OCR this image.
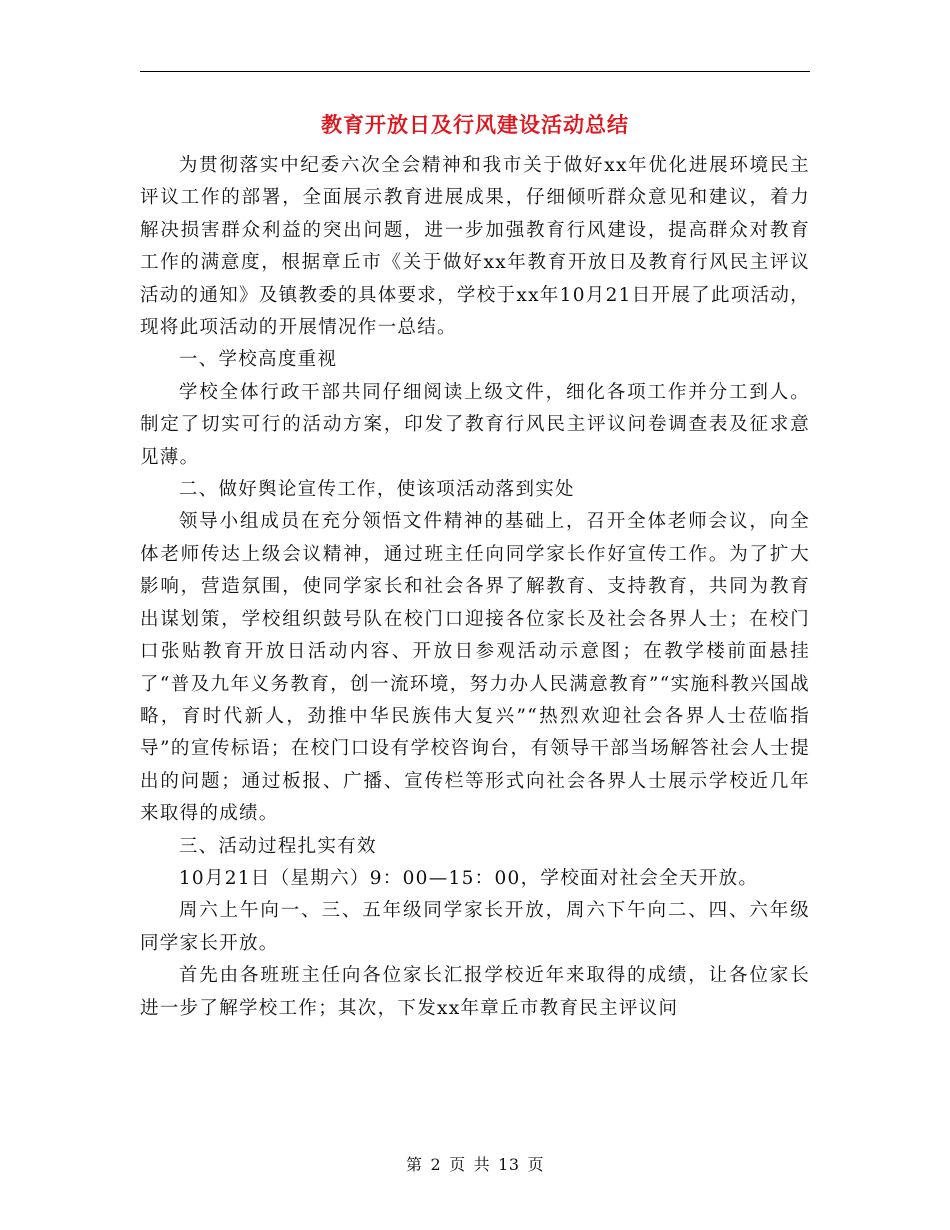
教育开放日及行风建设活动总结

为贯彻落实中纪委六次全会精神和我市关于做好xx年优化进展环境民主评议工作的部署，全面展示教育进展成果，仔细倾听群众意见和建议，着力解决损害群众利益的突出问题，进一步加强教育行风建设，提高群众对教育工作的满意度，根据章丘市《关于做好xx年教育开放日及教育行风民主评议活动的通知》及镇教委的具体要求，学校于xx年10月21日开展了此项活动，现将此项活动的开展情况作一总结。

一、学校高度重视

学校全体行政干部共同仔细阅读上级文件，细化各项工作并分工到人。制定了切实可行的活动方案，印发了教育行风民主评议问卷调查表及征求意见薄。

二、做好舆论宣传工作，使该项活动落到实处

领导小组成员在充分领悟文件精神的基础上，召开全体老师会议，向全体老师传达上级会议精神，通过班主任向同学家长作好宣传工作。为了扩大影响，营造氛围，使同学家长和社会各界了解教育、支持教育，共同为教育出谋划策，学校组织鼓号队在校门口迎接各位家长及社会各界人士；在校门口张贴教育开放日活动内容、开放日参观活动示意图；在教学楼前面悬挂了“普及九年义务教育，创一流环境，努力办人民满意教育”“实施科教兴国战略，育时代新人，劲推中华民族伟大复兴”“热烈欢迎社会各界人士莅临指导”的宣传标语；在校门口设有学校咨询台，有领导干部当场解答社会人士提出的问题；通过板报、广播、宣传栏等形式向社会各界人士展示学校近几年来取得的成绩。

三、活动过程扎实有效

10月21日（星期六）9：00—15：00，学校面对社会全天开放。

周六上午向一、三、五年级同学家长开放，周六下午向二、四、六年级同学家长开放。

首先由各班班主任向各位家长汇报学校近年来取得的成绩，让各位家长进一步了解学校工作；其次，下发xx年章丘市教育民主评议问

第 2 页 共 13 页
